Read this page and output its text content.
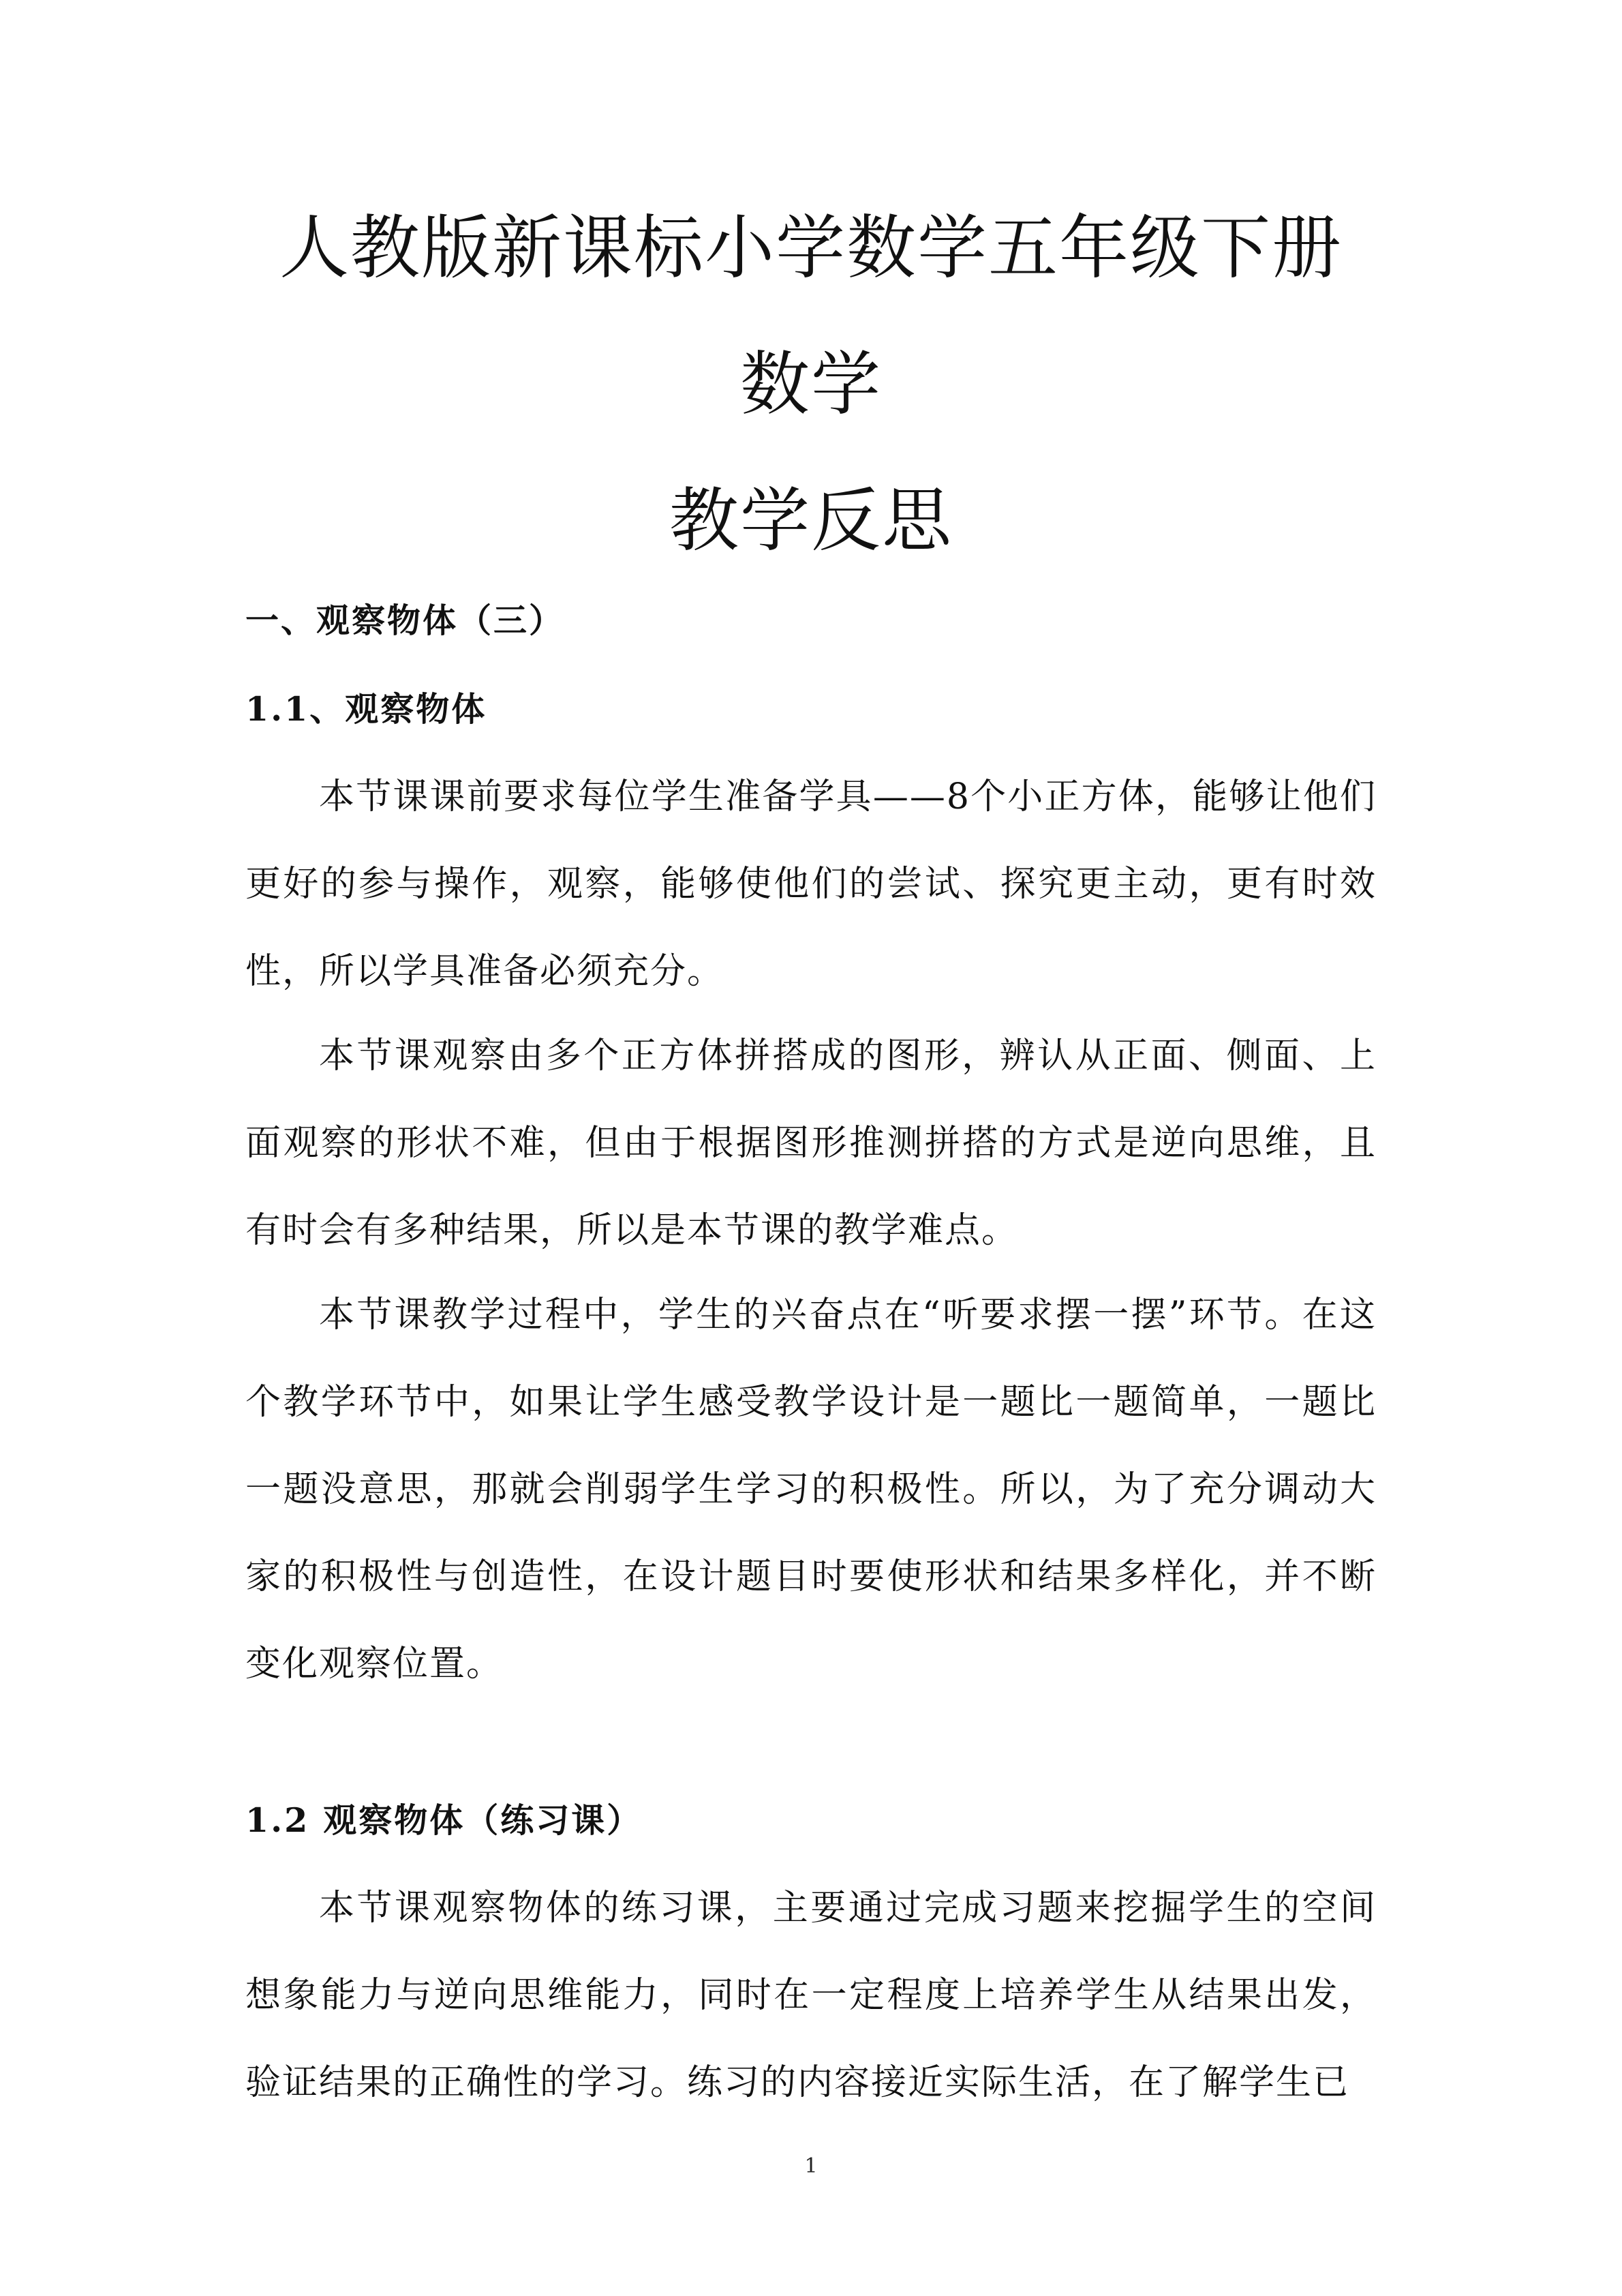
人教版新课标小学数学五年级下册
数学
教学反思
一、观察物体（三）
1.1、观察物体

本节课课前要求每位学生准备学具——8个小正方体，能够让他们更好的参与操作，观察，能够使他们的尝试、探究更主动，更有时效性，所以学具准备必须充分。

本节课观察由多个正方体拼搭成的图形，辨认从正面、侧面、上面观察的形状不难，但由于根据图形推测拼搭的方式是逆向思维，且有时会有多种结果，所以是本节课的教学难点。

本节课教学过程中，学生的兴奋点在“听要求摆一摆”环节。在这个教学环节中，如果让学生感受教学设计是一题比一题简单，一题比一题没意思，那就会削弱学生学习的积极性。所以，为了充分调动大家的积极性与创造性，在设计题目时要使形状和结果多样化，并不断变化观察位置。

1.2 观察物体（练习课）

本节课观察物体的练习课，主要通过完成习题来挖掘学生的空间想象能力与逆向思维能力，同时在一定程度上培养学生从结果出发，验证结果的正确性的学习。练习的内容接近实际生活，在了解学生已

1
